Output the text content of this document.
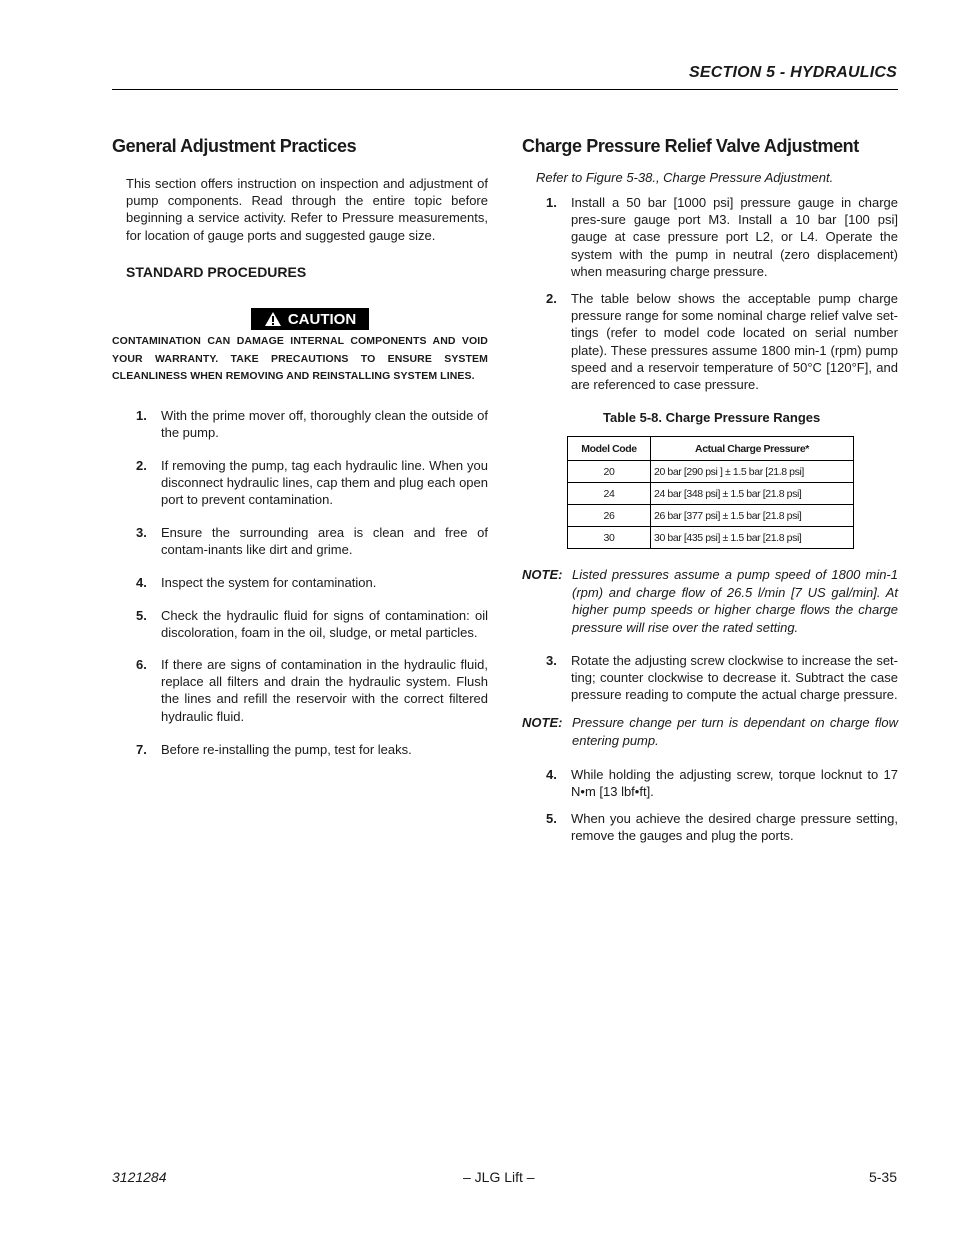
SECTION 5 - HYDRAULICS
General Adjustment Practices
This section offers instruction on inspection and adjustment of pump components. Read through the entire topic before beginning a service activity. Refer to Pressure measurements, for location of gauge ports and suggested gauge size.
STANDARD PROCEDURES
CAUTION
CONTAMINATION CAN DAMAGE INTERNAL COMPONENTS AND VOID YOUR WARRANTY. TAKE PRECAUTIONS TO ENSURE SYSTEM CLEANLINESS WHEN REMOVING AND REINSTALLING SYSTEM LINES.
1. With the prime mover off, thoroughly clean the outside of the pump.
2. If removing the pump, tag each hydraulic line. When you disconnect hydraulic lines, cap them and plug each open port to prevent contamination.
3. Ensure the surrounding area is clean and free of contam-inants like dirt and grime.
4. Inspect the system for contamination.
5. Check the hydraulic fluid for signs of contamination: oil discoloration, foam in the oil, sludge, or metal particles.
6. If there are signs of contamination in the hydraulic fluid, replace all filters and drain the hydraulic system. Flush the lines and refill the reservoir with the correct filtered hydraulic fluid.
7. Before re-installing the pump, test for leaks.
Charge Pressure Relief Valve Adjustment
Refer to Figure 5-38., Charge Pressure Adjustment.
1. Install a 50 bar [1000 psi] pressure gauge in charge pres-sure gauge port M3. Install a 10 bar [100 psi] gauge at case pressure port L2, or L4. Operate the system with the pump in neutral (zero displacement) when measuring charge pressure.
2. The table below shows the acceptable pump charge pressure range for some nominal charge relief valve set-tings (refer to model code located on serial number plate). These pressures assume 1800 min-1 (rpm) pump speed and a reservoir temperature of 50°C [120°F], and are referenced to case pressure.
Table 5-8. Charge Pressure Ranges
Model Code	Actual Charge Pressure*
20	20 bar [290 psi ] ± 1.5 bar [21.8 psi]
24	24 bar [348 psi] ± 1.5 bar [21.8 psi]
26	26 bar [377 psi] ± 1.5 bar [21.8 psi]
30	30 bar [435 psi] ± 1.5 bar [21.8 psi]
NOTE: Listed pressures assume a pump speed of 1800 min-1 (rpm) and charge flow of 26.5 l/min [7 US gal/min]. At higher pump speeds or higher charge flows the charge pressure will rise over the rated setting.
3. Rotate the adjusting screw clockwise to increase the set-ting; counter clockwise to decrease it. Subtract the case pressure reading to compute the actual charge pressure.
NOTE: Pressure change per turn is dependant on charge flow entering pump.
4. While holding the adjusting screw, torque locknut to 17 N•m [13 lbf•ft].
5. When you achieve the desired charge pressure setting, remove the gauges and plug the ports.
3121284	– JLG Lift –	5-35
